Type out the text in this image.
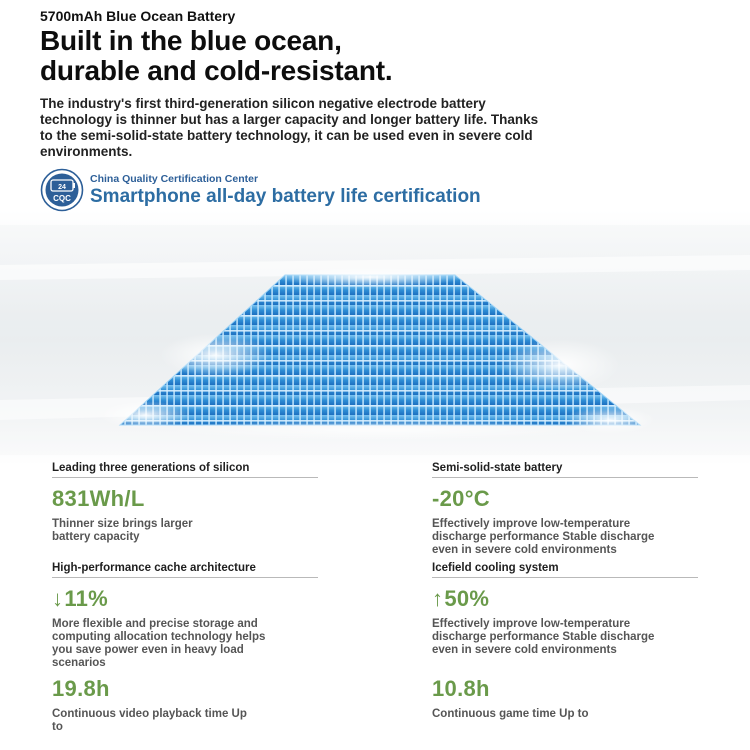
5700mAh Blue Ocean Battery
Built in the blue ocean,
durable and cold-resistant.
The industry's first third-generation silicon negative electrode battery technology is thinner but has a larger capacity and longer battery life. Thanks to the semi-solid-state battery technology, it can be used even in severe cold environments.
24
CQC
China Quality Certification Center
Smartphone all-day battery life certification
Leading three generations of silicon
831Wh/L
Thinner size brings larger battery capacity
Semi-solid-state battery
-20°C
Effectively improve low-temperature discharge performance Stable discharge even in severe cold environments
High-performance cache architecture
↓11%
More flexible and precise storage and computing allocation technology helps you save power even in heavy load scenarios
Icefield cooling system
↑50%
Effectively improve low-temperature discharge performance Stable discharge even in severe cold environments
19.8h
Continuous video playback time Up to
10.8h
Continuous game time Up to
